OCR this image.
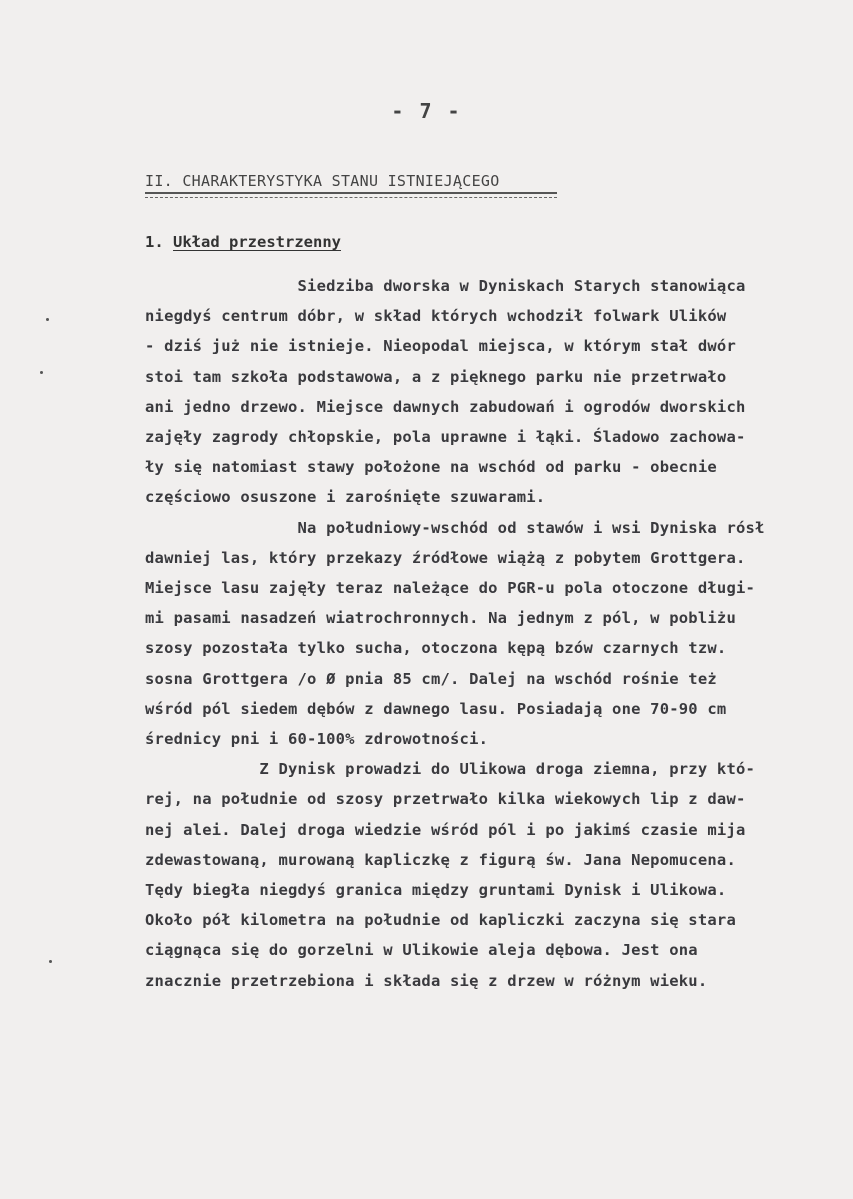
- 7 -
II. CHARAKTERYSTYKA STANU ISTNIEJĄCEGO
1. Układ przestrzenny
Siedziba dworska w Dyniskach Starych stanowiąca
niegdyś centrum dóbr, w skład których wchodził folwark Ulików
- dziś już nie istnieje. Nieopodal miejsca, w którym stał dwór
stoi tam szkoła podstawowa, a z pięknego parku nie przetrwało
ani jedno drzewo. Miejsce dawnych zabudowań i ogrodów dworskich
zajęły zagrody chłopskie, pola uprawne i łąki. Śladowo zachowa-
ły się natomiast stawy położone na wschód od parku - obecnie
częściowo osuszone i zarośnięte szuwarami.
Na południowy-wschód od stawów i wsi Dyniska rósł
dawniej las, który przekazy źródłowe wiążą z pobytem Grottgera.
Miejsce lasu zajęły teraz należące do PGR-u pola otoczone długi-
mi pasami nasadzeń wiatrochronnych. Na jednym z pól, w pobliżu
szosy pozostała tylko sucha, otoczona kępą bzów czarnych tzw.
sosna Grottgera /o Ø pnia 85 cm/. Dalej na wschód rośnie też
wśród pól siedem dębów z dawnego lasu. Posiadają one 70-90 cm
średnicy pni i 60-100% zdrowotności.
Z Dynisk prowadzi do Ulikowa droga ziemna, przy któ-
rej, na południe od szosy przetrwało kilka wiekowych lip z daw-
nej alei. Dalej droga wiedzie wśród pól i po jakimś czasie mija
zdewastowaną, murowaną kapliczkę z figurą św. Jana Nepomucena.
Tędy biegła niegdyś granica między gruntami Dynisk i Ulikowa.
Około pół kilometra na południe od kapliczki zaczyna się stara
ciągnąca się do gorzelni w Ulikowie aleja dębowa. Jest ona
znacznie przetrzebiona i składa się z drzew w różnym wieku.
